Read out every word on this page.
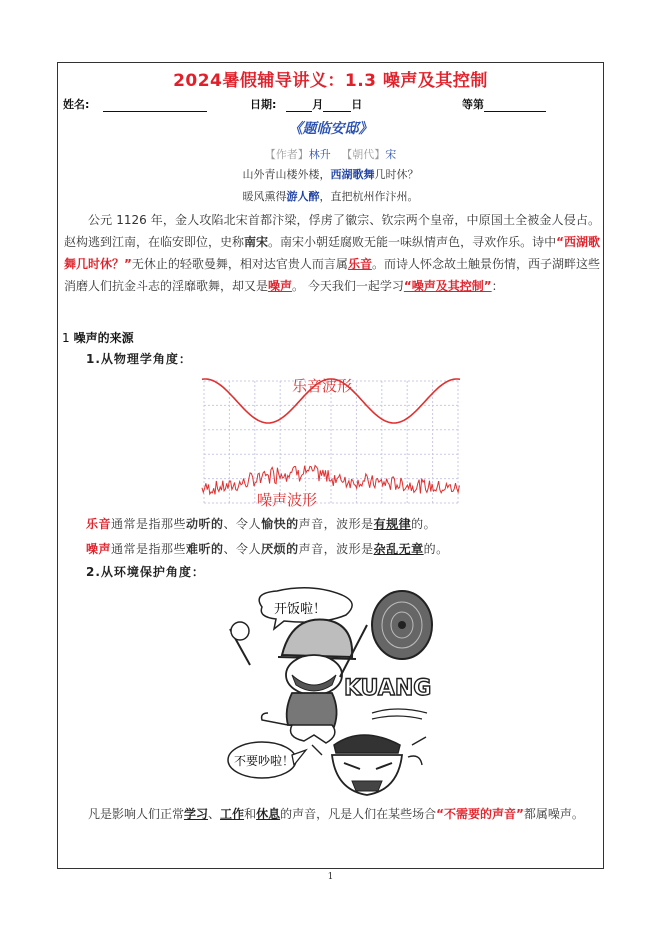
2024暑假辅导讲义：1.3 噪声及其控制
姓名:	日期:	月	日	等第
《题临安邸》
【作者】林升 【朝代】宋
山外青山楼外楼，西湖歌舞几时休？
暖风熏得游人醉，直把杭州作汴州。
公元 1126 年，金人攻陷北宋首都汴梁，俘虏了徽宗、钦宗两个皇帝，中原国土全被金人侵占。赵构逃到江南，在临安即位，史称南宋。南宋小朝廷腐败无能一味纵情声色，寻欢作乐。诗中“西湖歌舞几时休？”无休止的轻歌曼舞，相对达官贵人而言属乐音。而诗人怀念故土触景伤情，西子湖畔这些消磨人们抗金斗志的淫靡歌舞，却又是噪声。 今天我们一起学习“噪声及其控制”：
1 噪声的来源
1.从物理学角度：
乐音波形
噪声波形
乐音通常是指那些动听的、令人愉快的声音，波形是有规律的。
噪声通常是指那些难听的、令人厌烦的声音，波形是杂乱无章的。
2.从环境保护角度：
开饭啦！
KUANG
不要吵啦！
凡是影响人们正常学习、工作和休息的声音，凡是人们在某些场合“不需要的声音”都属噪声。
1
